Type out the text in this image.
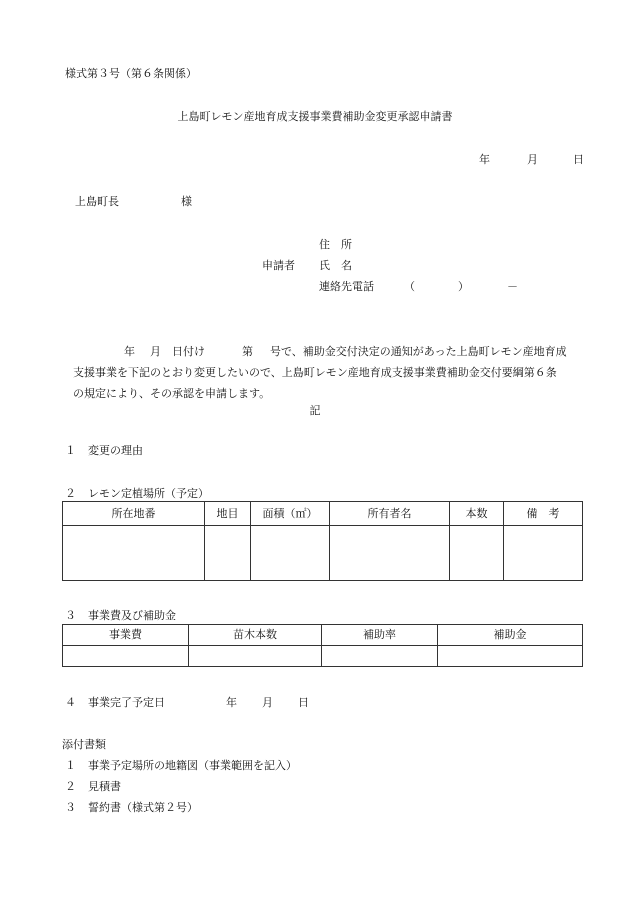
様式第３号（第６条関係）
上島町レモン産地育成支援事業費補助金変更承認申請書
年	月	日
上島町長	様
住　所
申請者 氏　名
連絡先電話	（	）	－
年 月 日付け	第 号で、補助金交付決定の通知があった上島町レモン産地育成
支援事業を下記のとおり変更したいので、上島町レモン産地育成支援事業費補助金交付要綱第６条
の規定により、その承認を申請します。
記
１ 変更の理由
２ レモン定植場所（予定）
所在地番	地目	面積（㎡）	所有者名	本数	備　考

３ 事業費及び補助金
事業費	苗木本数	補助率	補助金

４ 事業完了予定日	年 月 日
添付書類
１ 事業予定場所の地籍図（事業範囲を記入）
２ 見積書
３ 誓約書（様式第２号）
